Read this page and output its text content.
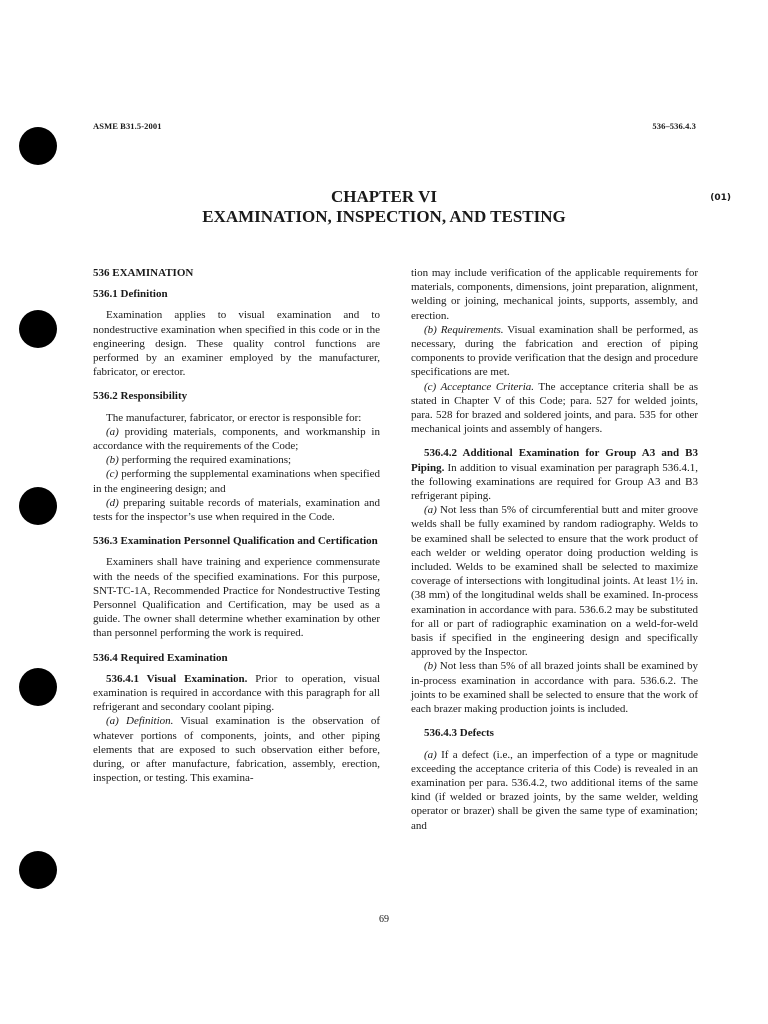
ASME B31.5-2001	536–536.4.3
CHAPTER VI
EXAMINATION, INSPECTION, AND TESTING
(01)
536 EXAMINATION
536.1 Definition

Examination applies to visual examination and to nondestructive examination when specified in this code or in the engineering design. These quality control functions are performed by an examiner employed by the manufacturer, fabricator, or erector.

536.2 Responsibility

The manufacturer, fabricator, or erector is responsible for:

(a) providing materials, components, and workmanship in accordance with the requirements of the Code;

(b) performing the required examinations;

(c) performing the supplemental examinations when specified in the engineering design; and

(d) preparing suitable records of materials, examination and tests for the inspector’s use when required in the Code.

536.3 Examination Personnel Qualification and Certification

Examiners shall have training and experience commensurate with the needs of the specified examinations. For this purpose, SNT-TC-1A, Recommended Practice for Nondestructive Testing Personnel Qualification and Certification, may be used as a guide. The owner shall determine whether examination by other than personnel performing the work is required.

536.4 Required Examination

536.4.1 Visual Examination. Prior to operation, visual examination is required in accordance with this paragraph for all refrigerant and secondary coolant piping.

(a) Definition. Visual examination is the observation of whatever portions of components, joints, and other piping elements that are exposed to such observation either before, during, or after manufacture, fabrication, assembly, erection, inspection, or testing. This examina-

tion may include verification of the applicable requirements for materials, components, dimensions, joint preparation, alignment, welding or joining, mechanical joints, supports, assembly, and erection.

(b) Requirements. Visual examination shall be performed, as necessary, during the fabrication and erection of piping components to provide verification that the design and procedure specifications are met.

(c) Acceptance Criteria. The acceptance criteria shall be as stated in Chapter V of this Code; para. 527 for welded joints, para. 528 for brazed and soldered joints, and para. 535 for other mechanical joints and assembly of hangers.

536.4.2 Additional Examination for Group A3 and B3 Piping. In addition to visual examination per paragraph 536.4.1, the following examinations are required for Group A3 and B3 refrigerant piping.

(a) Not less than 5% of circumferential butt and miter groove welds shall be fully examined by random radiography. Welds to be examined shall be selected to ensure that the work product of each welder or welding operator doing production welding is included. Welds to be examined shall be selected to maximize coverage of intersections with longitudinal joints. At least 1½ in. (38 mm) of the longitudinal welds shall be examined. In-process examination in accordance with para. 536.6.2 may be substituted for all or part of radiographic examination on a weld-for-weld basis if specified in the engineering design and specifically approved by the Inspector.

(b) Not less than 5% of all brazed joints shall be examined by in-process examination in accordance with para. 536.6.2. The joints to be examined shall be selected to ensure that the work of each brazer making production joints is included.

536.4.3 Defects

(a) If a defect (i.e., an imperfection of a type or magnitude exceeding the acceptance criteria of this Code) is revealed in an examination per para. 536.4.2, two additional items of the same kind (if welded or brazed joints, by the same welder, welding operator or brazer) shall be given the same type of examination; and

69
